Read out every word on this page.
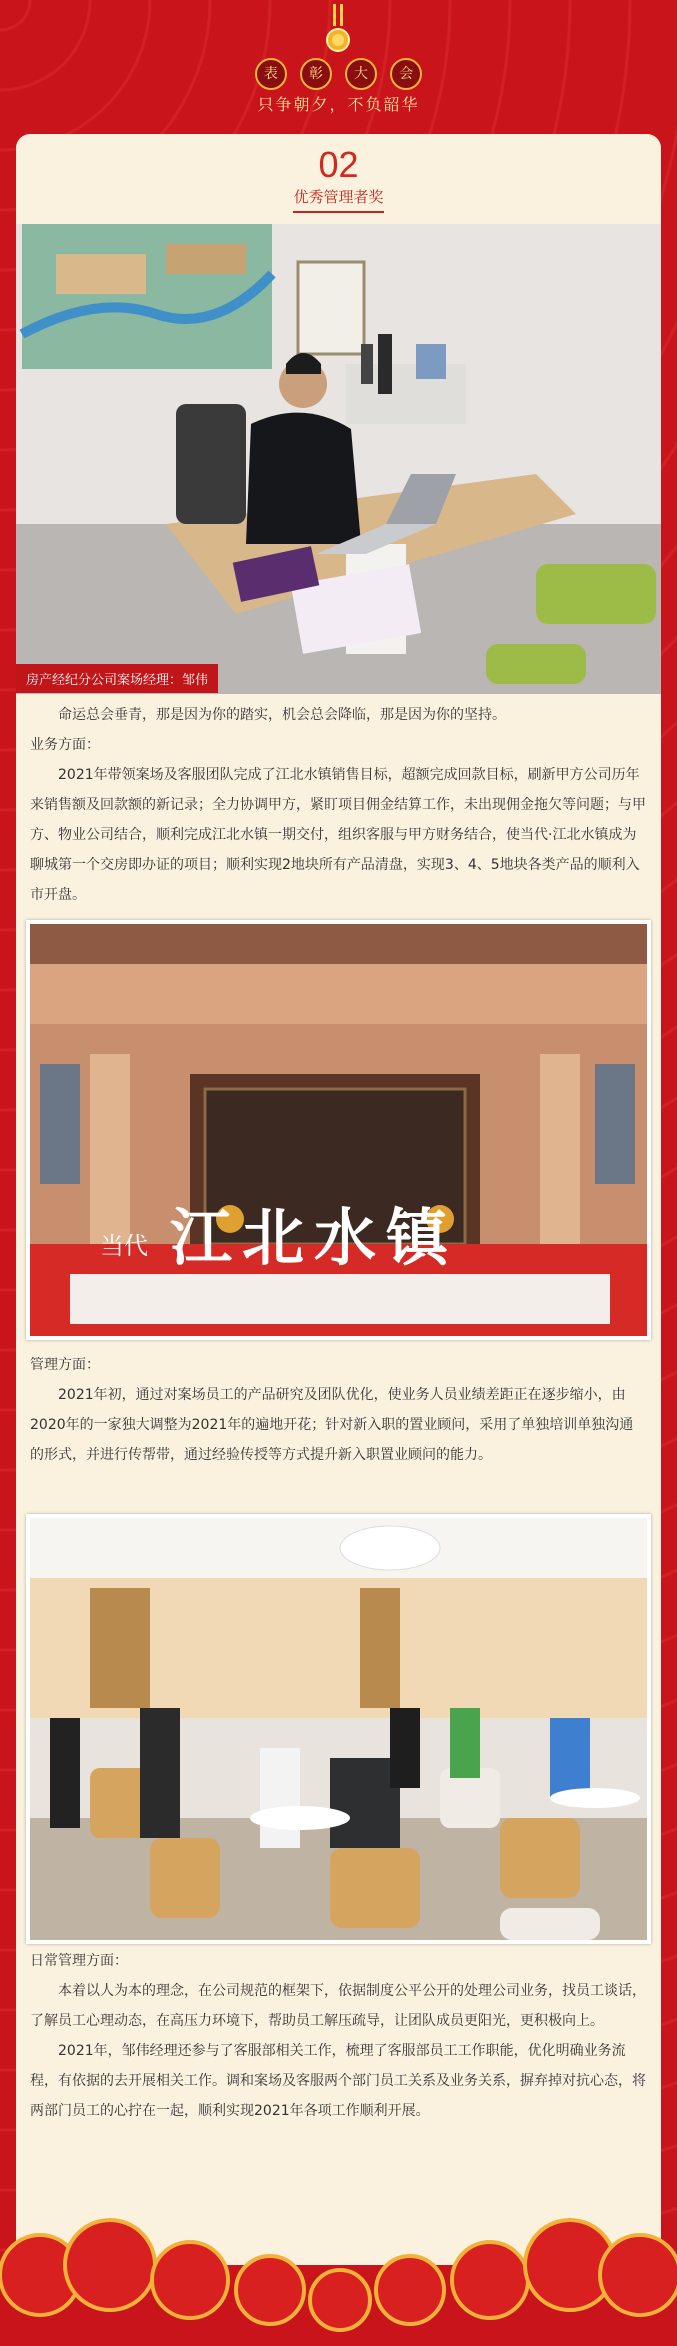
表 彰 大 会
只争朝夕，不负韶华
02
优秀管理者奖
房产经纪分公司案场经理：邹伟

命运总会垂青，那是因为你的踏实，机会总会降临，那是因为你的坚持。

业务方面：

2021年带领案场及客服团队完成了江北水镇销售目标，超额完成回款目标，刷新甲方公司历年来销售额及回款额的新记录；全力协调甲方，紧盯项目佣金结算工作，未出现佣金拖欠等问题；与甲方、物业公司结合，顺利完成江北水镇一期交付，组织客服与甲方财务结合，使当代·江北水镇成为聊城第一个交房即办证的项目；顺利实现2地块所有产品清盘，实现3、4、5地块各类产品的顺利入市开盘。

当代 江北水镇

管理方面：

2021年初，通过对案场员工的产品研究及团队优化，使业务人员业绩差距正在逐步缩小，由2020年的一家独大调整为2021年的遍地开花；针对新入职的置业顾问，采用了单独培训单独沟通的形式，并进行传帮带，通过经验传授等方式提升新入职置业顾问的能力。

日常管理方面：

本着以人为本的理念，在公司规范的框架下，依据制度公平公开的处理公司业务，找员工谈话，了解员工心理动态，在高压力环境下，帮助员工解压疏导，让团队成员更阳光，更积极向上。

2021年，邹伟经理还参与了客服部相关工作，梳理了客服部员工工作职能，优化明确业务流程，有依据的去开展相关工作。调和案场及客服两个部门员工关系及业务关系，摒弃掉对抗心态，将两部门员工的心拧在一起，顺利实现2021年各项工作顺利开展。
